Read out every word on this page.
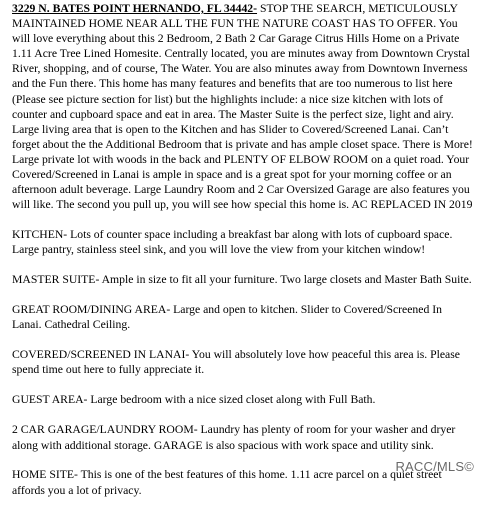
3229 N. BATES POINT HERNANDO, FL 34442- STOP THE SEARCH, METICULOUSLY MAINTAINED HOME NEAR ALL THE FUN THE NATURE COAST HAS TO OFFER. You will love everything about this 2 Bedroom, 2 Bath 2 Car Garage Citrus Hills Home on a Private 1.11 Acre Tree Lined Homesite. Centrally located, you are minutes away from Downtown Crystal River, shopping, and of course, The Water. You are also minutes away from Downtown Inverness and the Fun there. This home has many features and benefits that are too numerous to list here (Please see picture section for list) but the highlights include: a nice size kitchen with lots of counter and cupboard space and eat in area. The Master Suite is the perfect size, light and airy. Large living area that is open to the Kitchen and has Slider to Covered/Screened Lanai. Can’t forget about the the Additional Bedroom that is private and has ample closet space. There is More! Large private lot with woods in the back and PLENTY OF ELBOW ROOM on a quiet road. Your Covered/Screened in Lanai is ample in space and is a great spot for your morning coffee or an afternoon adult beverage. Large Laundry Room and 2 Car Oversized Garage are also features you will like. The second you pull up, you will see how special this home is. AC REPLACED IN 2019

KITCHEN- Lots of counter space including a breakfast bar along with lots of cupboard space. Large pantry, stainless steel sink, and you will love the view from your kitchen window!

MASTER SUITE- Ample in size to fit all your furniture. Two large closets and Master Bath Suite.

GREAT ROOM/DINING AREA- Large and open to kitchen. Slider to Covered/Screened In Lanai. Cathedral Ceiling.

COVERED/SCREENED IN LANAI- You will absolutely love how peaceful this area is. Please spend time out here to fully appreciate it.

GUEST AREA- Large bedroom with a nice sized closet along with Full Bath.

2 CAR GARAGE/LAUNDRY ROOM- Laundry has plenty of room for your washer and dryer along with additional storage. GARAGE is also spacious with work space and utility sink.

HOME SITE- This is one of the best features of this home. 1.11 acre parcel on a quiet street affords you a lot of privacy.

RACC/MLS©
